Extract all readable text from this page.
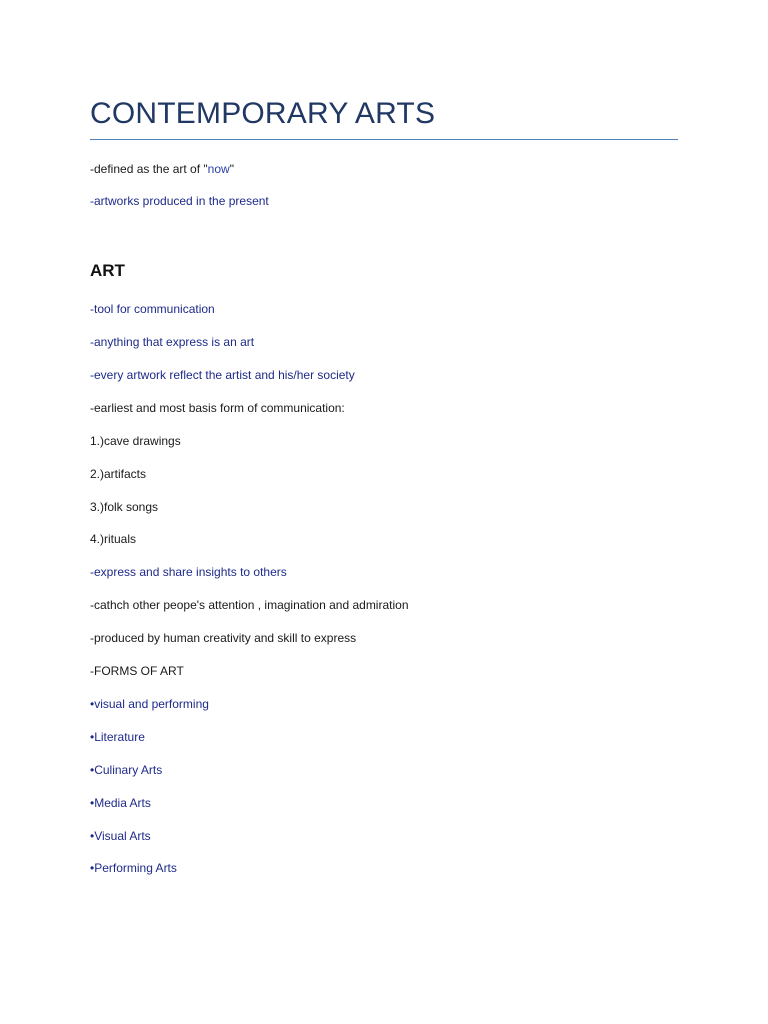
CONTEMPORARY ARTS
-defined as the art of "now"
-artworks produced in the present
ART
-tool for communication
-anything that express is an art
-every artwork reflect the artist and his/her society
-earliest and most basis form of communication:
1.)cave drawings
2.)artifacts
3.)folk songs
4.)rituals
-express and share insights to others
-cathch other peope's attention , imagination and admiration
-produced by human creativity and skill to express
-FORMS OF ART
•visual and performing
•Literature
•Culinary Arts
•Media Arts
•Visual Arts
•Performing Arts
